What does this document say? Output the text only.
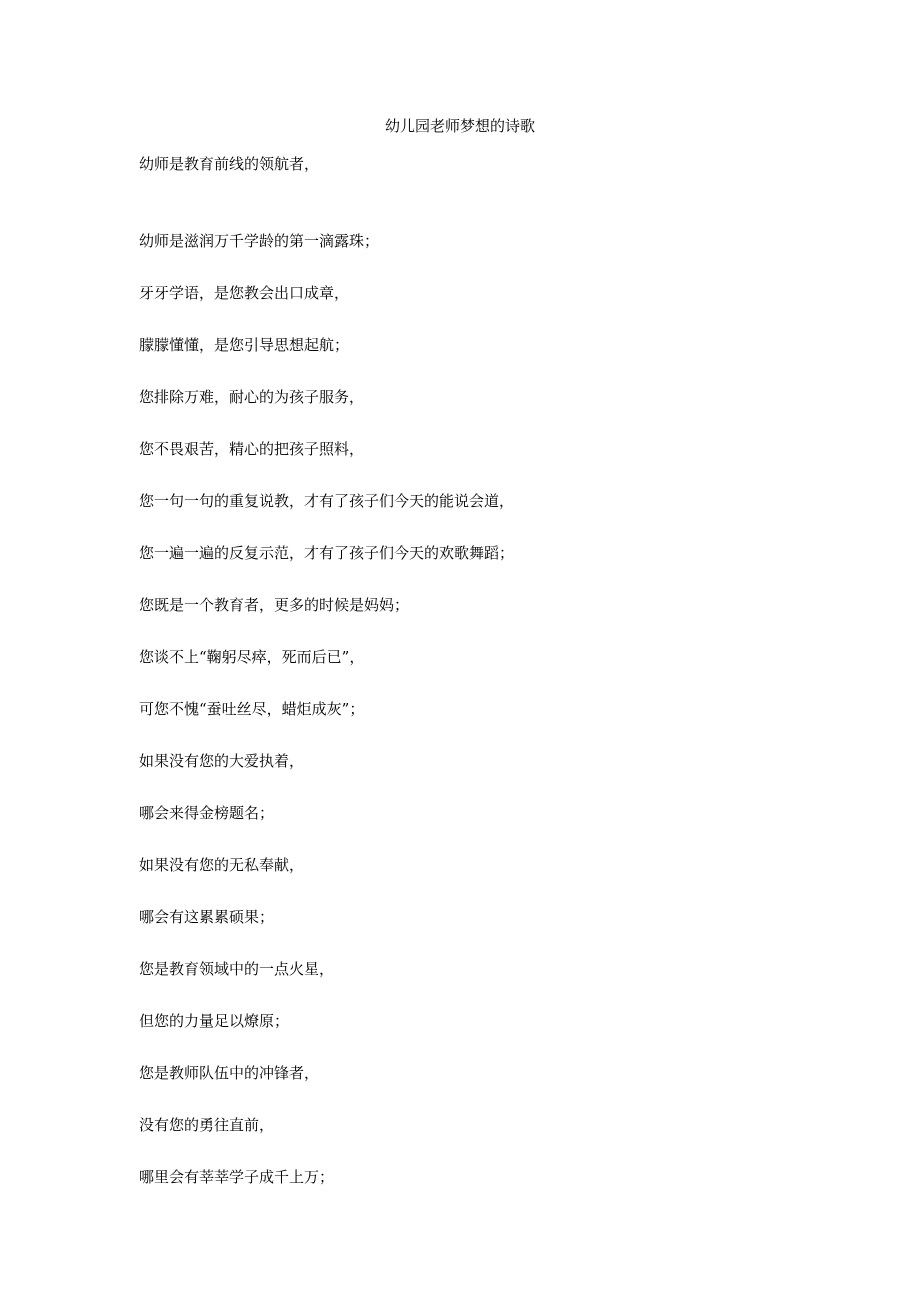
幼儿园老师梦想的诗歌

幼师是教育前线的领航者，

幼师是滋润万千学龄的第一滴露珠；

牙牙学语，是您教会出口成章，

朦朦懂懂，是您引导思想起航；

您排除万难，耐心的为孩子服务，

您不畏艰苦，精心的把孩子照料，

您一句一句的重复说教，才有了孩子们今天的能说会道，

您一遍一遍的反复示范，才有了孩子们今天的欢歌舞蹈；

您既是一个教育者，更多的时候是妈妈；

您谈不上“鞠躬尽瘁，死而后已”，

可您不愧“蚕吐丝尽，蜡炬成灰”；

如果没有您的大爱执着，

哪会来得金榜题名；

如果没有您的无私奉献，

哪会有这累累硕果；

您是教育领域中的一点火星，

但您的力量足以燎原；

您是教师队伍中的冲锋者，

没有您的勇往直前，

哪里会有莘莘学子成千上万；
